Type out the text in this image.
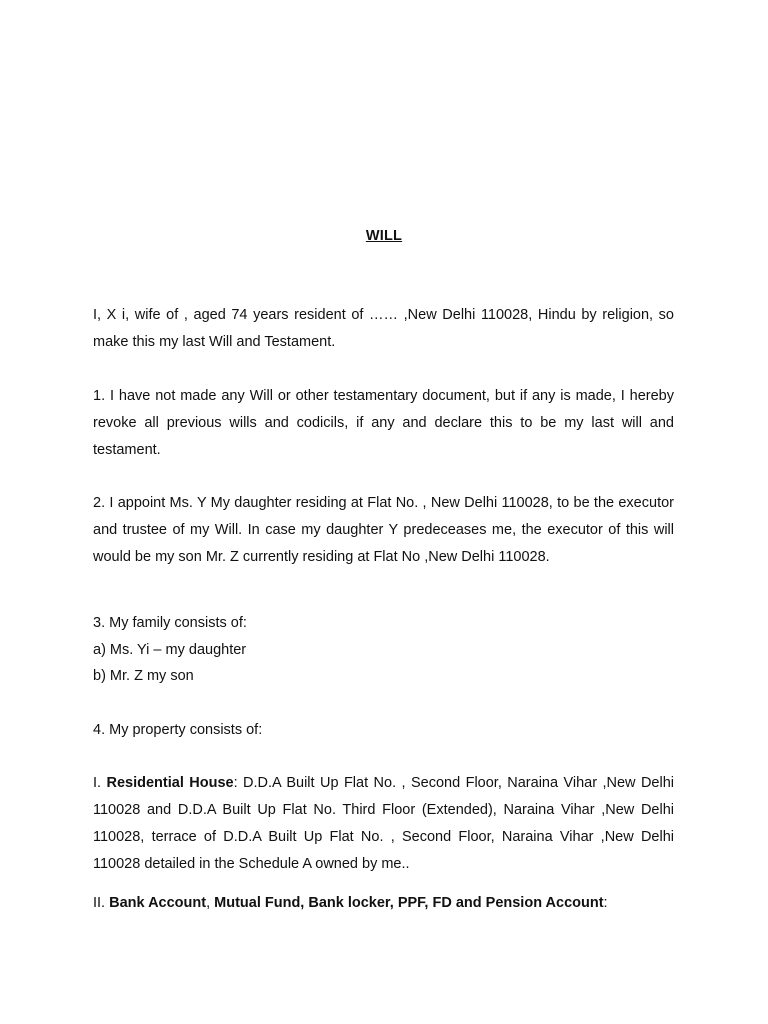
WILL

I, X i, wife of , aged 74 years resident of …… ,New Delhi 110028, Hindu by religion, so make this my last Will and Testament.

1. I have not made any Will or other testamentary document, but if any is made, I hereby revoke all previous wills and codicils, if any and declare this to be my last will and testament.

2. I appoint Ms. Y My daughter residing at Flat No. , New Delhi 110028, to be the executor and trustee of my Will. In case my daughter Y predeceases me, the executor of this will would be my son Mr. Z currently residing at Flat No ,New Delhi 110028.

3. My family consists of:

a) Ms. Yi – my daughter

b) Mr. Z my son

4. My property consists of:

I. Residential House: D.D.A Built Up Flat No. , Second Floor, Naraina Vihar ,New Delhi 110028 and D.D.A Built Up Flat No. Third Floor (Extended), Naraina Vihar ,New Delhi 110028, terrace of D.D.A Built Up Flat No. , Second Floor, Naraina Vihar ,New Delhi 110028 detailed in the Schedule A owned by me..

II. Bank Account, Mutual Fund, Bank locker, PPF, FD and Pension Account:
